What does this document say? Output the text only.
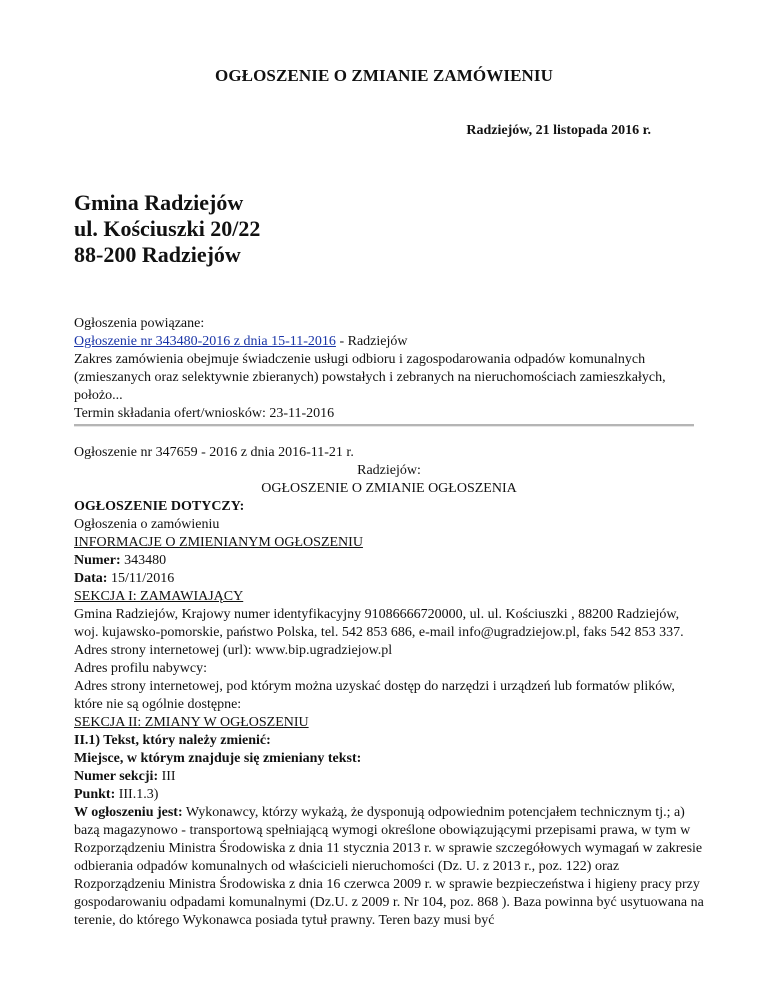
OGŁOSZENIE O ZMIANIE ZAMÓWIENIU
Radziejów, 21 listopada 2016 r.
Gmina Radziejów
ul. Kościuszki 20/22
88-200 Radziejów

Ogłoszenia powiązane:

Ogłoszenie nr 343480-2016 z dnia 15-11-2016 - Radziejów

Zakres zamówienia obejmuje świadczenie usługi odbioru i zagospodarowania odpadów komunalnych (zmieszanych oraz selektywnie zbieranych) powstałych i zebranych na nieruchomościach zamieszkałych, położo...

Termin składania ofert/wniosków: 23-11-2016

Ogłoszenie nr 347659 - 2016 z dnia 2016-11-21 r.

Radziejów:

OGŁOSZENIE O ZMIANIE OGŁOSZENIA

OGŁOSZENIE DOTYCZY:

Ogłoszenia o zamówieniu

INFORMACJE O ZMIENIANYM OGŁOSZENIU

Numer: 343480

Data: 15/11/2016

SEKCJA I: ZAMAWIAJĄCY

Gmina Radziejów, Krajowy numer identyfikacyjny 91086666720000, ul. ul. Kościuszki , 88200 Radziejów, woj. kujawsko-pomorskie, państwo Polska, tel. 542 853 686, e-mail info@ugradziejow.pl, faks 542 853 337.

Adres strony internetowej (url): www.bip.ugradziejow.pl

Adres profilu nabywcy:

Adres strony internetowej, pod którym można uzyskać dostęp do narzędzi i urządzeń lub formatów plików, które nie są ogólnie dostępne:

SEKCJA II: ZMIANY W OGŁOSZENIU

II.1) Tekst, który należy zmienić:

Miejsce, w którym znajduje się zmieniany tekst:

Numer sekcji: III

Punkt: III.1.3)

W ogłoszeniu jest: Wykonawcy, którzy wykażą, że dysponują odpowiednim potencjałem technicznym tj.; a) bazą magazynowo - transportową spełniającą wymogi określone obowiązującymi przepisami prawa, w tym w Rozporządzeniu Ministra Środowiska z dnia 11 stycznia 2013 r. w sprawie szczegółowych wymagań w zakresie odbierania odpadów komunalnych od właścicieli nieruchomości (Dz. U. z 2013 r., poz. 122) oraz Rozporządzeniu Ministra Środowiska z dnia 16 czerwca 2009 r. w sprawie bezpieczeństwa i higieny pracy przy gospodarowaniu odpadami komunalnymi (Dz.U. z 2009 r. Nr 104, poz. 868 ). Baza powinna być usytuowana na terenie, do którego Wykonawca posiada tytuł prawny. Teren bazy musi być
